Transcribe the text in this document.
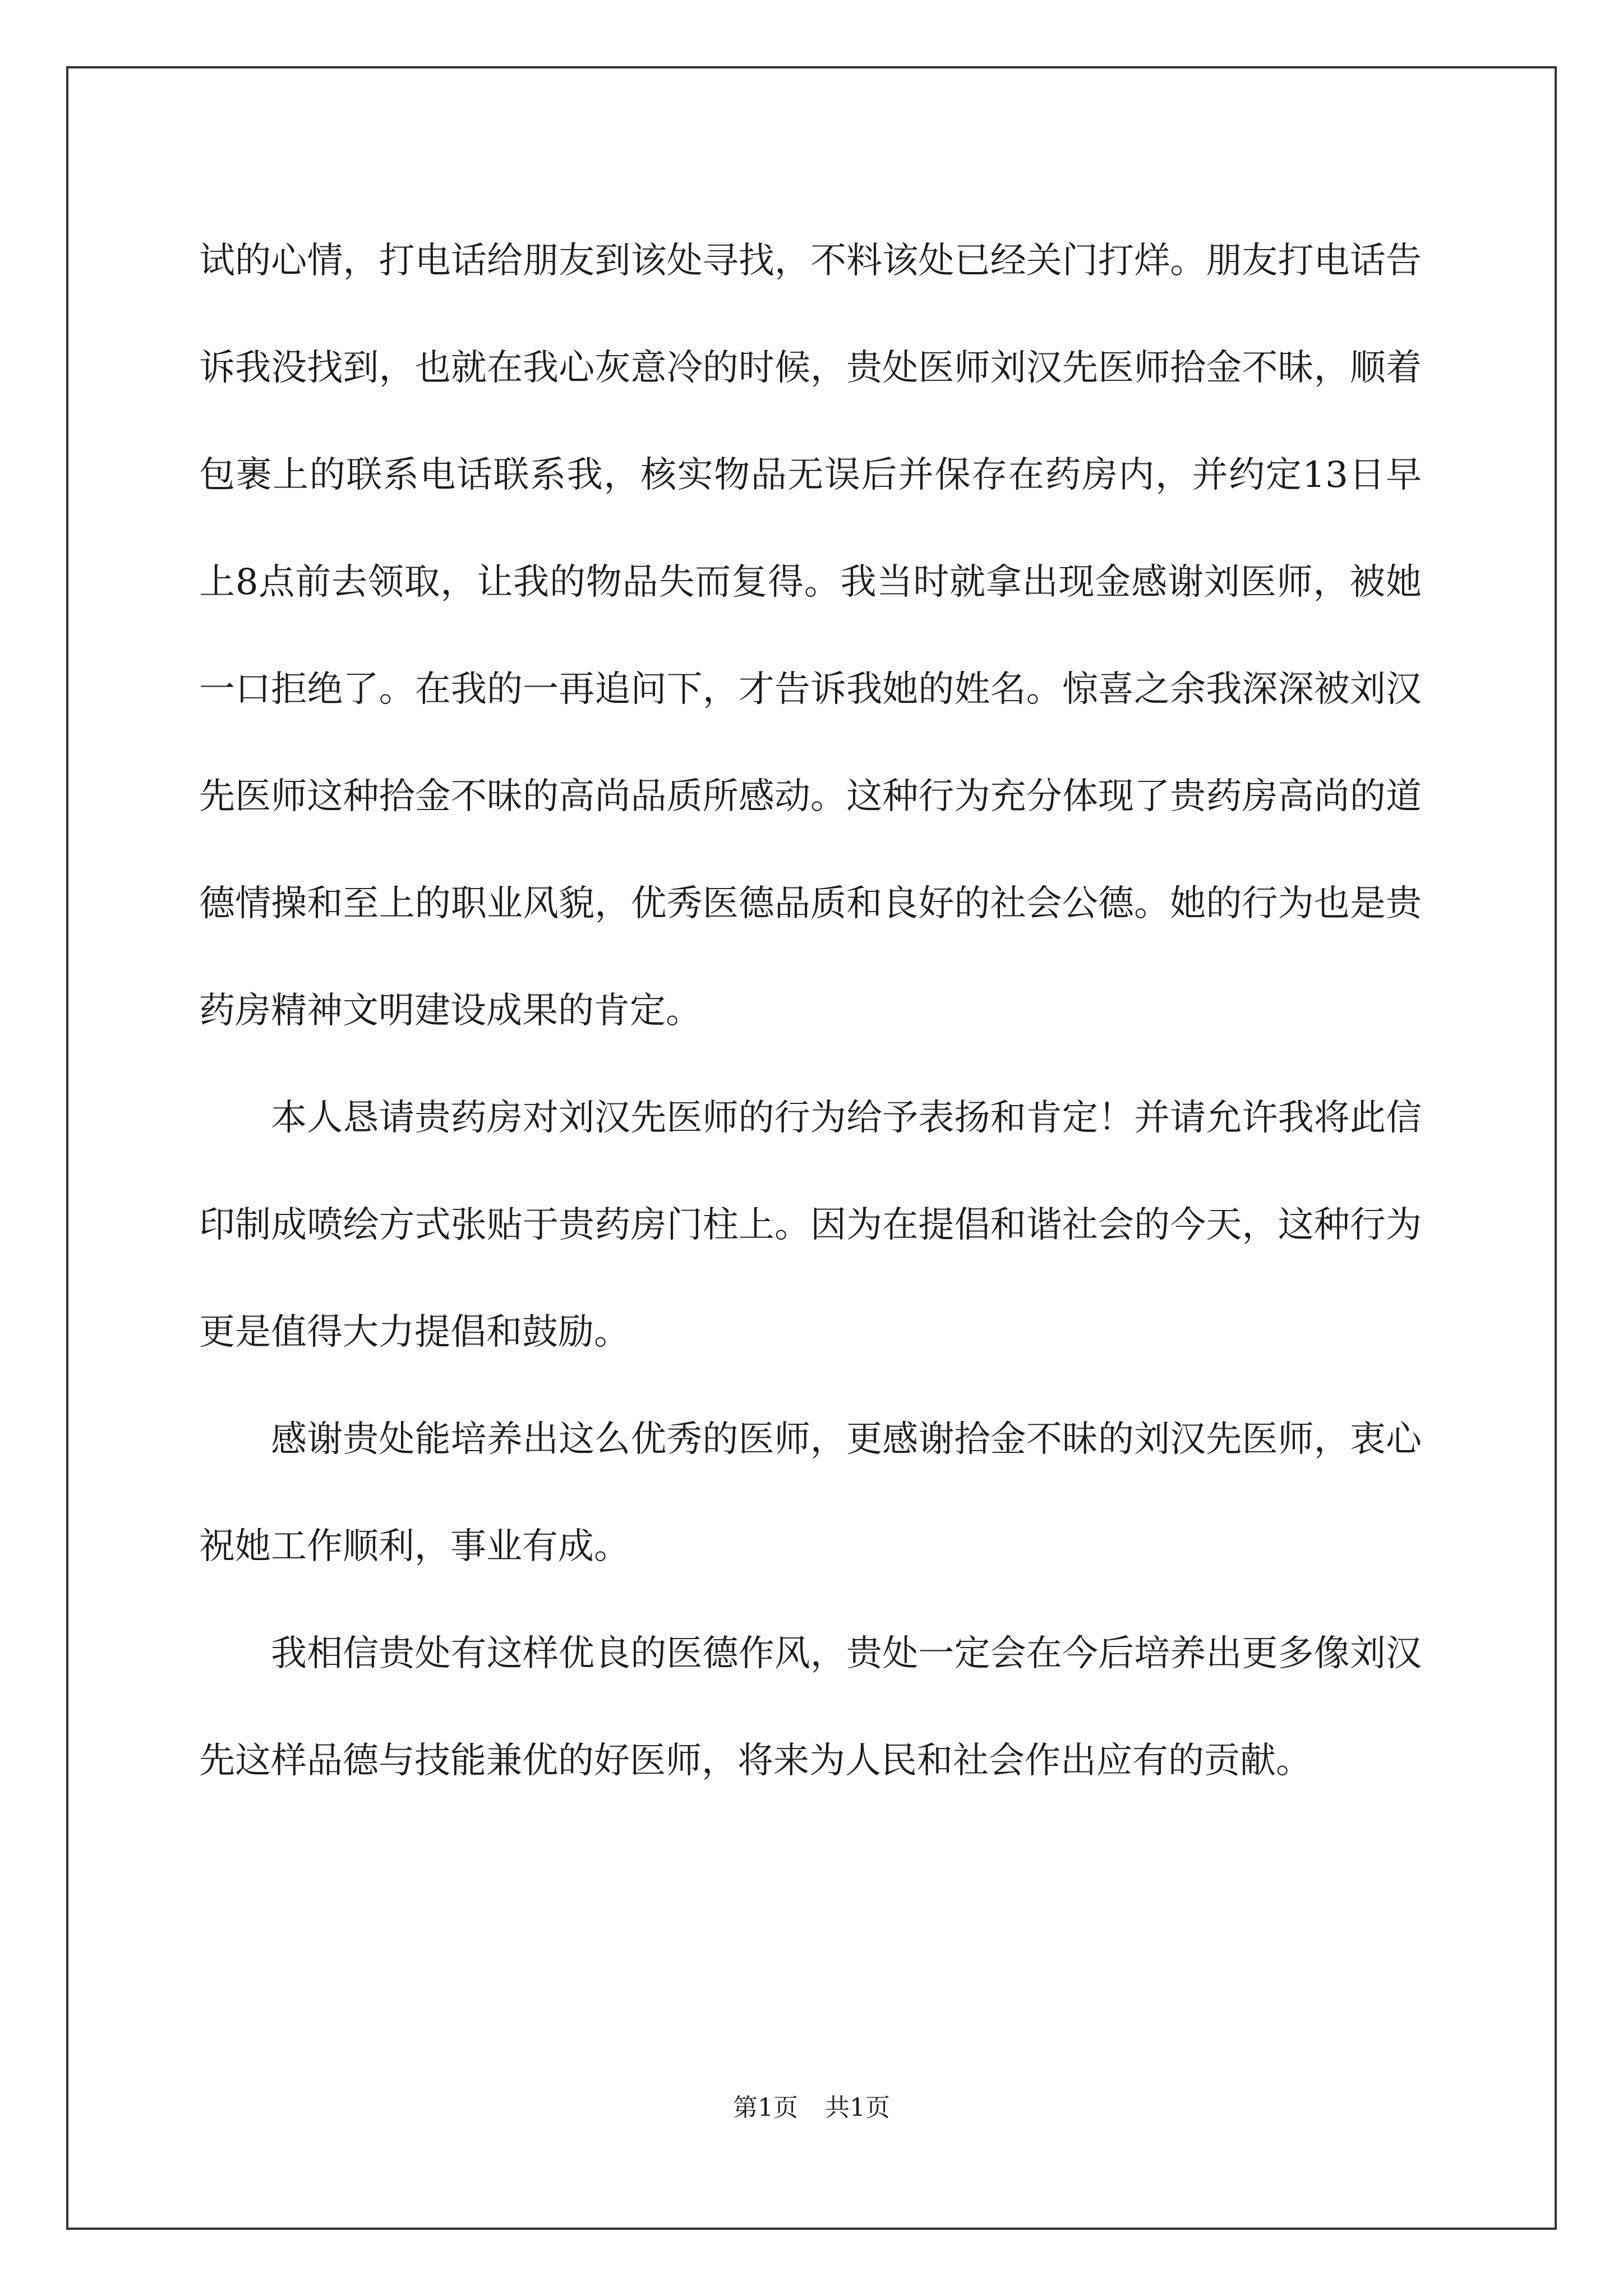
试的心情，打电话给朋友到该处寻找，不料该处已经关门打烊。朋友打电话告诉我没找到，也就在我心灰意冷的时候，贵处医师刘汉先医师拾金不昧，顺着包裹上的联系电话联系我，核实物品无误后并保存在药房内，并约定13日早上8点前去领取，让我的物品失而复得。我当时就拿出现金感谢刘医师，被她一口拒绝了。在我的一再追问下，才告诉我她的姓名。惊喜之余我深深被刘汉先医师这种拾金不昧的高尚品质所感动。这种行为充分体现了贵药房高尚的道德情操和至上的职业风貌，优秀医德品质和良好的社会公德。她的行为也是贵药房精神文明建设成果的肯定。

本人恳请贵药房对刘汉先医师的行为给予表扬和肯定！并请允许我将此信印制成喷绘方式张贴于贵药房门柱上。因为在提倡和谐社会的今天，这种行为更是值得大力提倡和鼓励。

感谢贵处能培养出这么优秀的医师，更感谢拾金不昧的刘汉先医师，衷心祝她工作顺利，事业有成。

我相信贵处有这样优良的医德作风，贵处一定会在今后培养出更多像刘汉先这样品德与技能兼优的好医师，将来为人民和社会作出应有的贡献。

第1页 共1页
